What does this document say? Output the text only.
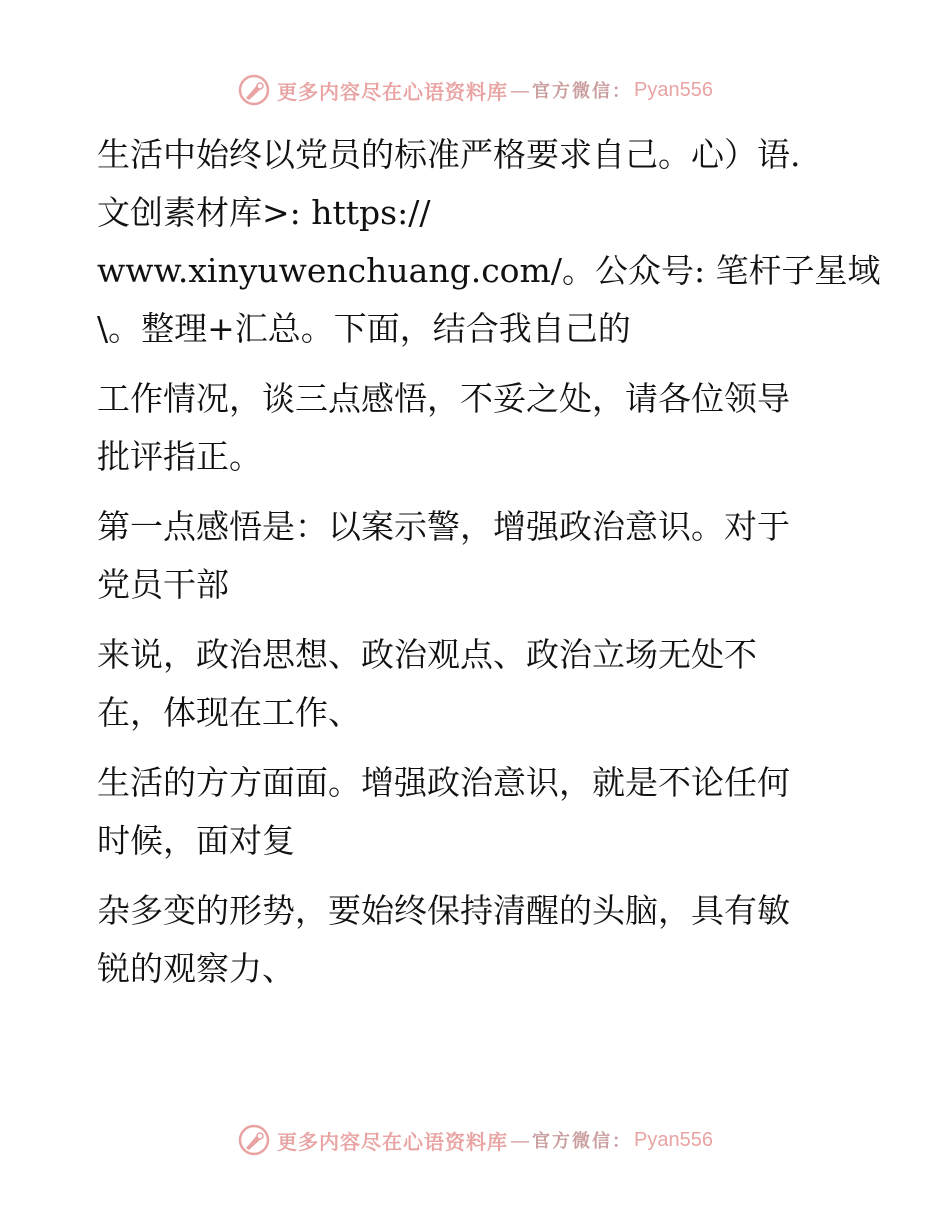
更多内容尽在心语资料库 — 官方微信： Pyan556
生活中始终以党员的标准严格要求自己。心）语.
文创素材库>: https://
www.xinyuwenchuang.com/。公众号: 笔杆子星域
\。整理+汇总。下面，结合我自己的
工作情况，谈三点感悟，不妥之处，请各位领导
批评指正。
第一点感悟是：以案示警，增强政治意识。对于
党员干部
来说，政治思想、政治观点、政治立场无处不
在，体现在工作、
生活的方方面面。增强政治意识，就是不论任何
时候，面对复
杂多变的形势，要始终保持清醒的头脑，具有敏
锐的观察力、
更多内容尽在心语资料库 — 官方微信： Pyan556
